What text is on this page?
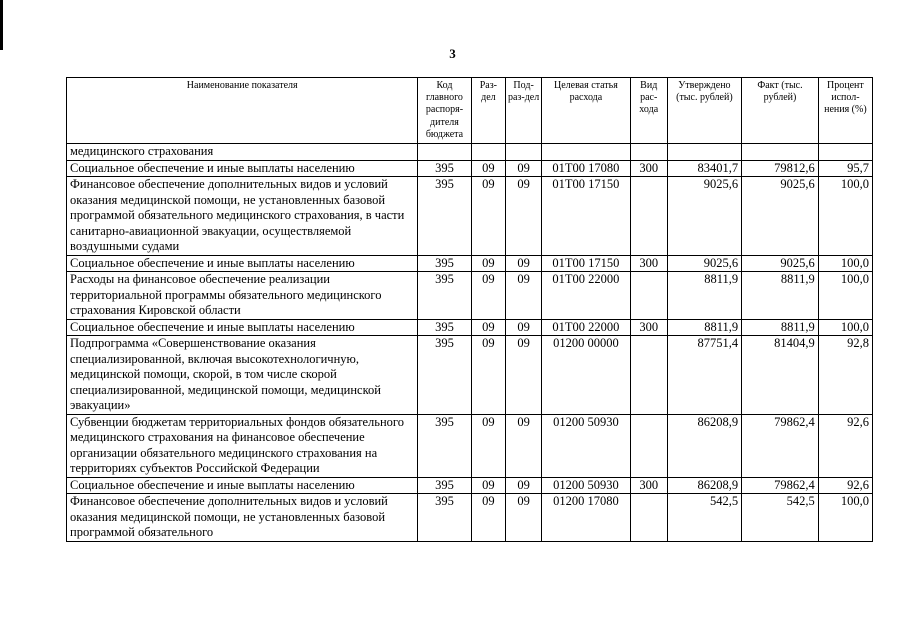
3
Наименование показателя	Код главного распоря-дителя бюджета	Раз-дел	Под-раз-дел	Целевая статья расхода	Вид рас-хода	Утверждено (тыс. рублей)	Факт (тыс. рублей)	Процент испол-нения (%)
медицинского страхования								
Социальное обеспечение и иные выплаты населению	395	09	09	01Т00 17080	300	83401,7	79812,6	95,7
Финансовое обеспечение дополнительных видов и условий оказания медицинской помощи, не установленных базовой программой обязательного медицинского страхования, в части санитарно-авиационной эвакуации, осуществляемой воздушными судами	395	09	09	01Т00 17150		9025,6	9025,6	100,0
Социальное обеспечение и иные выплаты населению	395	09	09	01Т00 17150	300	9025,6	9025,6	100,0
Расходы на финансовое обеспечение реализации территориальной программы обязательного медицинского страхования Кировской области	395	09	09	01Т00 22000		8811,9	8811,9	100,0
Социальное обеспечение и иные выплаты населению	395	09	09	01Т00 22000	300	8811,9	8811,9	100,0
Подпрограмма «Совершенствование оказания специализированной, включая высокотехнологичную, медицинской помощи, скорой, в том числе скорой специализированной, медицинской помощи, медицинской эвакуации»	395	09	09	01200 00000		87751,4	81404,9	92,8
Субвенции бюджетам территориальных фондов обязательного медицинского страхования на финансовое обеспечение организации обязательного медицинского страхования на территориях субъектов Российской Федерации	395	09	09	01200 50930		86208,9	79862,4	92,6
Социальное обеспечение и иные выплаты населению	395	09	09	01200 50930	300	86208,9	79862,4	92,6
Финансовое обеспечение дополнительных видов и условий оказания медицинской помощи, не установленных базовой программой обязательного	395	09	09	01200 17080		542,5	542,5	100,0
